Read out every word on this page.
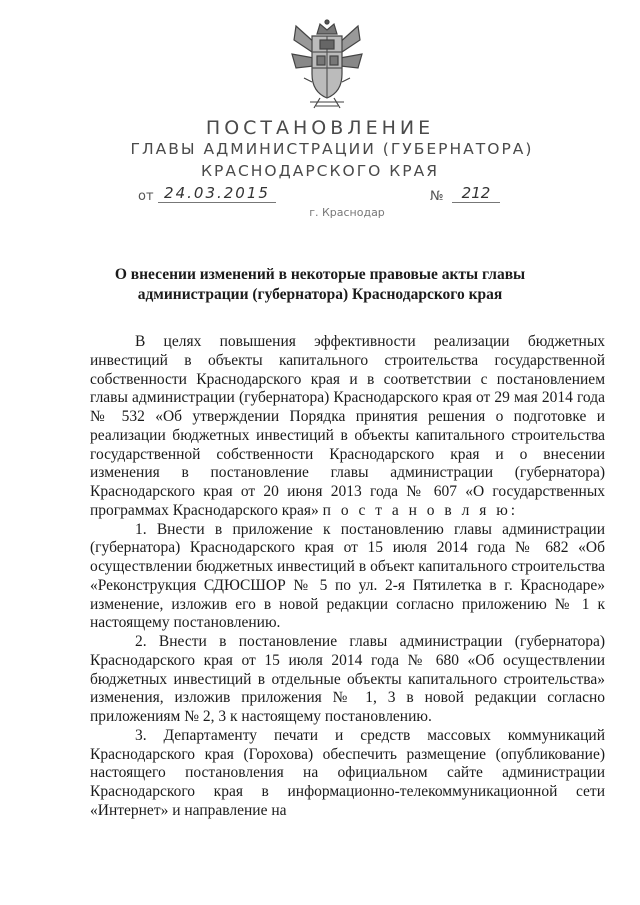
ПОСТАНОВЛЕНИЕ
ГЛАВЫ АДМИНИСТРАЦИИ (ГУБЕРНАТОРА)
КРАСНОДАРСКОГО КРАЯ
от 24.03.2015	№	212
г. Краснодар
О внесении изменений в некоторые правовые акты главы администрации (губернатора) Краснодарского края

В целях повышения эффективности реализации бюджетных инвестиций в объекты капитального строительства государственной собственности Краснодарского края и в соответствии с постановлением главы администрации (губернатора) Краснодарского края от 29 мая 2014 года № 532 «Об утверждении Порядка принятия решения о подготовке и реализации бюджетных инвестиций в объекты капитального строительства государственной собственности Краснодарского края и о внесении изменения в постановление главы администрации (губернатора) Краснодарского края от 20 июня 2013 года № 607 «О государственных программах Краснодарского края» п о с т а н о в л я ю:

1. Внести в приложение к постановлению главы администрации (губернатора) Краснодарского края от 15 июля 2014 года № 682 «Об осуществлении бюджетных инвестиций в объект капитального строительства «Реконструкция СДЮСШОР № 5 по ул. 2-я Пятилетка в г. Краснодаре» изменение, изложив его в новой редакции согласно приложению № 1 к настоящему постановлению.

2. Внести в постановление главы администрации (губернатора) Краснодарского края от 15 июля 2014 года № 680 «Об осуществлении бюджетных инвестиций в отдельные объекты капитального строительства» изменения, изложив приложения № 1, 3 в новой редакции согласно приложениям № 2, 3 к настоящему постановлению.

3. Департаменту печати и средств массовых коммуникаций Краснодарского края (Горохова) обеспечить размещение (опубликование) настоящего постановления на официальном сайте администрации Краснодарского края в информационно-телекоммуникационной сети «Интернет» и направление на
